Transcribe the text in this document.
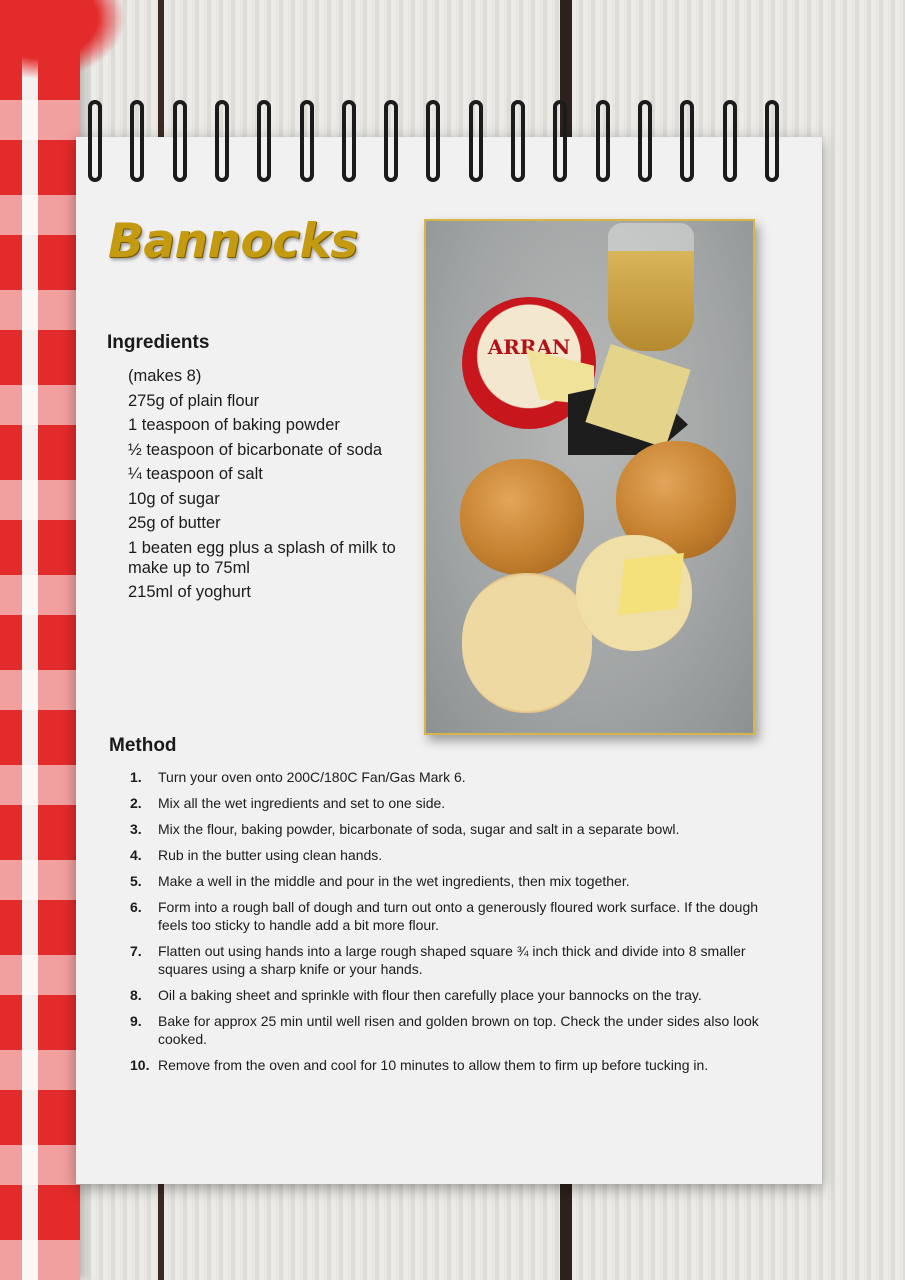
Bannocks
Ingredients
(makes 8)
275g of plain flour
1 teaspoon of baking powder
½ teaspoon of bicarbonate of soda
¼ teaspoon of salt
10g of sugar
25g of butter
1 beaten egg plus a splash of milk to make up to 75ml
215ml of yoghurt
ARRAN
Method
1.	Turn your oven onto 200C/180C Fan/Gas Mark 6.
2.	Mix all the wet ingredients and set to one side.
3.	Mix the flour, baking powder, bicarbonate of soda, sugar and salt in a separate bowl.
4.	Rub in the butter using clean hands.
5.	Make a well in the middle and pour in the wet ingredients, then mix together.
6.	Form into a rough ball of dough and turn out onto a generously floured work surface. If the dough feels too sticky to handle add a bit more flour.
7.	Flatten out using hands into a large rough shaped square ¾ inch thick and divide into 8 smaller squares using a sharp knife or your hands.
8.	Oil a baking sheet and sprinkle with flour then carefully place your bannocks on the tray.
9.	Bake for approx 25 min until well risen and golden brown on top. Check the under sides also look cooked.
10. Remove from the oven and cool for 10 minutes to allow them to firm up before tucking in.
